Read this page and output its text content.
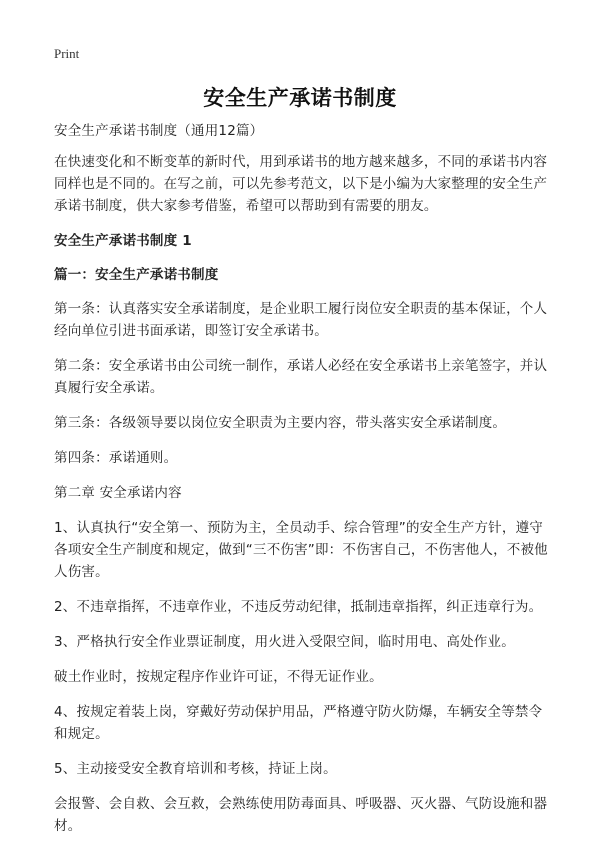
Print
安全生产承诺书制度

安全生产承诺书制度（通用12篇）

在快速变化和不断变革的新时代，用到承诺书的地方越来越多，不同的承诺书内容同样也是不同的。在写之前，可以先参考范文，以下是小编为大家整理的安全生产承诺书制度，供大家参考借鉴，希望可以帮助到有需要的朋友。

安全生产承诺书制度 1

篇一：安全生产承诺书制度

第一条：认真落实安全承诺制度，是企业职工履行岗位安全职责的基本保证，个人经向单位引进书面承诺，即签订安全承诺书。

第二条：安全承诺书由公司统一制作，承诺人必经在安全承诺书上亲笔签字，并认真履行安全承诺。

第三条：各级领导要以岗位安全职责为主要内容，带头落实安全承诺制度。

第四条：承诺通则。

第二章 安全承诺内容

1、认真执行“安全第一、预防为主，全员动手、综合管理”的安全生产方针，遵守各项安全生产制度和规定，做到“三不伤害”即：不伤害自己，不伤害他人，不被他人伤害。

2、不违章指挥，不违章作业，不违反劳动纪律，抵制违章指挥，纠正违章行为。

3、严格执行安全作业票证制度，用火进入受限空间，临时用电、高处作业。

破土作业时，按规定程序作业许可证，不得无证作业。

4、按规定着装上岗，穿戴好劳动保护用品，严格遵守防火防爆，车辆安全等禁令和规定。

5、主动接受安全教育培训和考核，持证上岗。

会报警、会自救、会互救，会熟练使用防毒面具、呼吸器、灭火器、气防设施和器材。
